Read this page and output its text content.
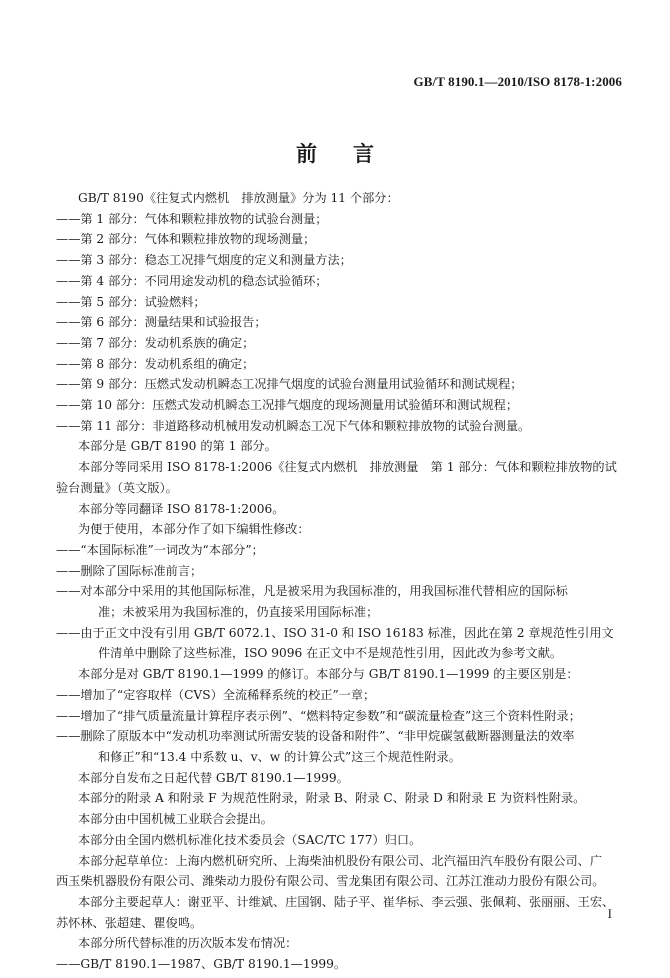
GB/T 8190.1—2010/ISO 8178-1:2006
前言
GB/T 8190《往复式内燃机　排放测量》分为 11 个部分：
——第 1 部分：气体和颗粒排放物的试验台测量；
——第 2 部分：气体和颗粒排放物的现场测量；
——第 3 部分：稳态工况排气烟度的定义和测量方法；
——第 4 部分：不同用途发动机的稳态试验循环；
——第 5 部分：试验燃料；
——第 6 部分：测量结果和试验报告；
——第 7 部分：发动机系族的确定；
——第 8 部分：发动机系组的确定；
——第 9 部分：压燃式发动机瞬态工况排气烟度的试验台测量用试验循环和测试规程；
——第 10 部分：压燃式发动机瞬态工况排气烟度的现场测量用试验循环和测试规程；
——第 11 部分：非道路移动机械用发动机瞬态工况下气体和颗粒排放物的试验台测量。
本部分是 GB/T 8190 的第 1 部分。
本部分等同采用 ISO 8178-1:2006《往复式内燃机　排放测量　第 1 部分：气体和颗粒排放物的试
验台测量》（英文版）。
本部分等同翻译 ISO 8178-1:2006。
为便于使用，本部分作了如下编辑性修改：
——“本国际标准”一词改为“本部分”；
——删除了国际标准前言；
——对本部分中采用的其他国际标准，凡是被采用为我国标准的，用我国标准代替相应的国际标
准；未被采用为我国标准的，仍直接采用国际标准；
——由于正文中没有引用 GB/T 6072.1、ISO 31-0 和 ISO 16183 标准，因此在第 2 章规范性引用文
件清单中删除了这些标准，ISO 9096 在正文中不是规范性引用，因此改为参考文献。
本部分是对 GB/T 8190.1—1999 的修订。本部分与 GB/T 8190.1—1999 的主要区别是：
——增加了“定容取样（CVS）全流稀释系统的校正”一章；
——增加了“排气质量流量计算程序表示例”、“燃料特定参数”和“碳流量检查”这三个资料性附录；
——删除了原版本中“发动机功率测试所需安装的设备和附件”、“非甲烷碳氢截断器测量法的效率
和修正”和“13.4 中系数 u、v、w 的计算公式”这三个规范性附录。
本部分自发布之日起代替 GB/T 8190.1—1999。
本部分的附录 A 和附录 F 为规范性附录，附录 B、附录 C、附录 D 和附录 E 为资料性附录。
本部分由中国机械工业联合会提出。
本部分由全国内燃机标准化技术委员会（SAC/TC 177）归口。
本部分起草单位：上海内燃机研究所、上海柴油机股份有限公司、北汽福田汽车股份有限公司、广
西玉柴机器股份有限公司、潍柴动力股份有限公司、雪龙集团有限公司、江苏江淮动力股份有限公司。
本部分主要起草人：谢亚平、计维斌、庄国钢、陆子平、崔华标、李云强、张佩莉、张丽丽、王宏、
苏怀林、张超建、瞿俊鸣。
本部分所代替标准的历次版本发布情况：
——GB/T 8190.1—1987、GB/T 8190.1—1999。
I
